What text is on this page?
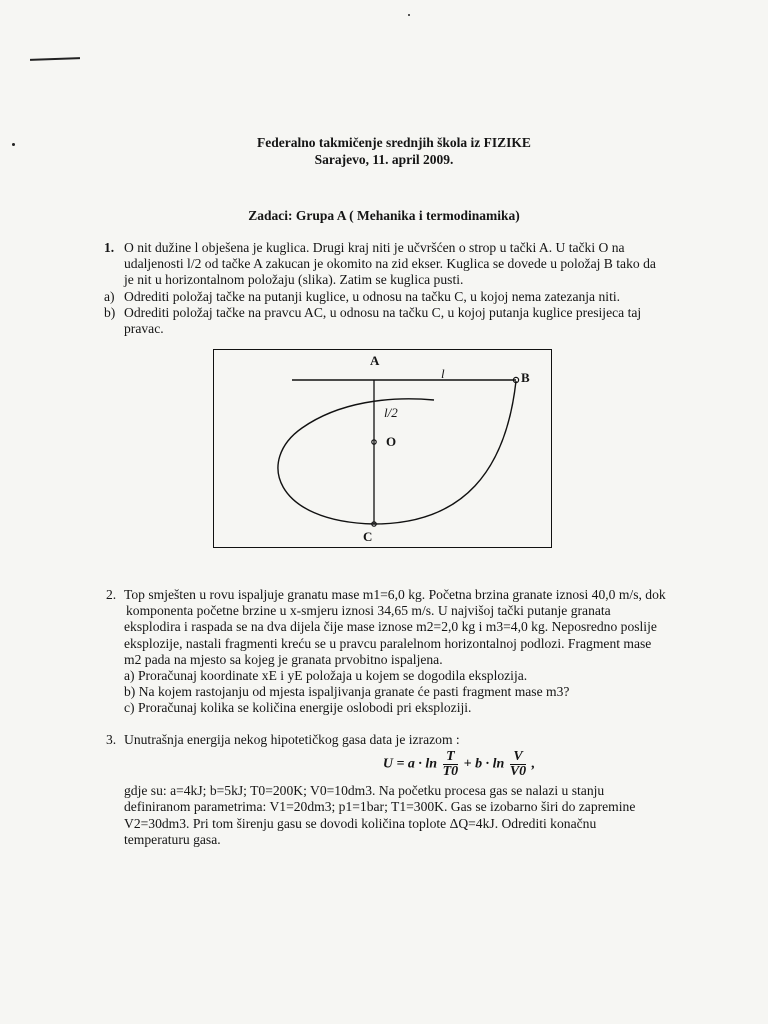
Federalno takmičenje srednjih škola iz FIZIKE
Sarajevo, 11. april 2009.
Zadaci: Grupa A ( Mehanika i termodinamika)
1. O nit dužine l obješena je kuglica. Drugi kraj niti je učvršćen o strop u tački A. U tački O na
udaljenosti l/2 od tačke A zakucan je okomito na zid ekser. Kuglica se dovede u položaj B tako da
je nit u horizontalnom položaju (slika). Zatim se kuglica pusti.
a) Odrediti položaj tačke na putanji kuglice, u odnosu na tačku C, u kojoj nema zatezanja niti.
b) Odrediti položaj tačke na pravcu AC, u odnosu na tačku C, u kojoj putanja kuglice presijeca taj
pravac.
A
B
l
l/2
O
C
2. Top smješten u rovu ispaljuje granatu mase m1=6,0 kg. Početna brzina granate iznosi 40,0 m/s, dok
komponenta početne brzine u x-smjeru iznosi 34,65 m/s. U najvišoj tački putanje granata
eksplodira i raspada se na dva dijela čije mase iznose m2=2,0 kg i m3=4,0 kg. Neposredno poslije
eksplozije, nastali fragmenti kreću se u pravcu paralelnom horizontalnoj podlozi. Fragment mase
m2 pada na mjesto sa kojeg je granata prvobitno ispaljena.
a) Proračunaj koordinate xE i yE položaja u kojem se dogodila eksplozija.
b) Na kojem rastojanju od mjesta ispaljivanja granate će pasti fragment mase m3?
c) Proračunaj kolika se količina energije oslobodi pri eksploziji.
3. Unutrašnja energija nekog hipotetičkog gasa data je izrazom :
$U = a \cdot \ln \frac{T}{T0} + b \cdot \ln \frac{V}{V0}$ ,
gdje su: a=4kJ; b=5kJ; T0=200K; V0=10dm3. Na početku procesa gas se nalazi u stanju
definiranom parametrima: V1=20dm3; p1=1bar; T1=300K. Gas se izobarno širi do zapremine
V2=30dm3. Pri tom širenju gasu se dovodi količina toplote ΔQ=4kJ. Odrediti konačnu
temperaturu gasa.
